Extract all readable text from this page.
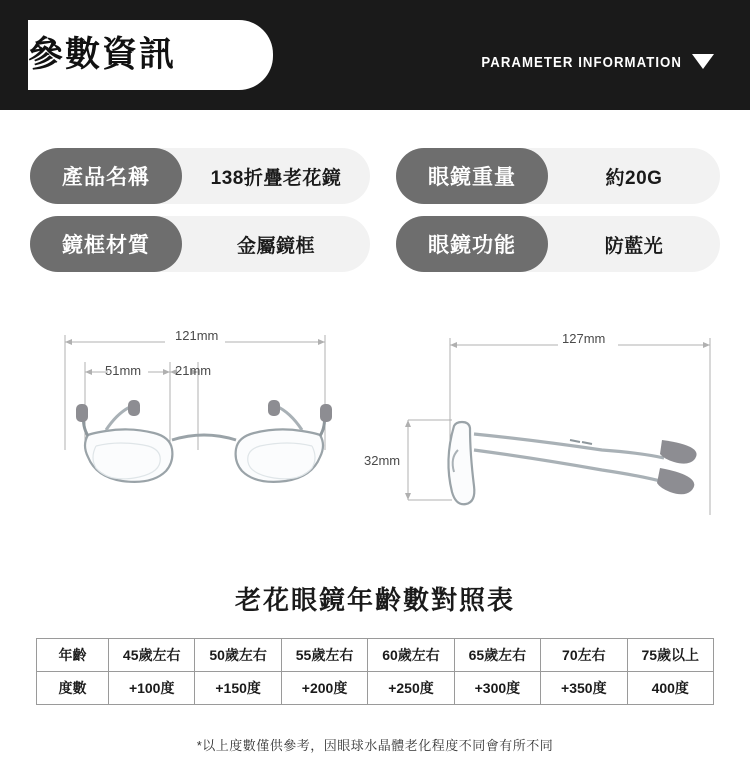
參數資訊	PARAMETER INFORMATION
產品名稱	138折疊老花鏡	眼鏡重量	約20G
鏡框材質	金屬鏡框	眼鏡功能	防藍光
121mm
51mm	21mm
127mm
32mm
老花眼鏡年齡數對照表
年齡	45歲左右	50歲左右	55歲左右	60歲左右	65歲左右	70左右	75歲以上
度數	+100度	+150度	+200度	+250度	+300度	+350度	400度
*以上度數僅供參考，因眼球水晶體老化程度不同會有所不同
